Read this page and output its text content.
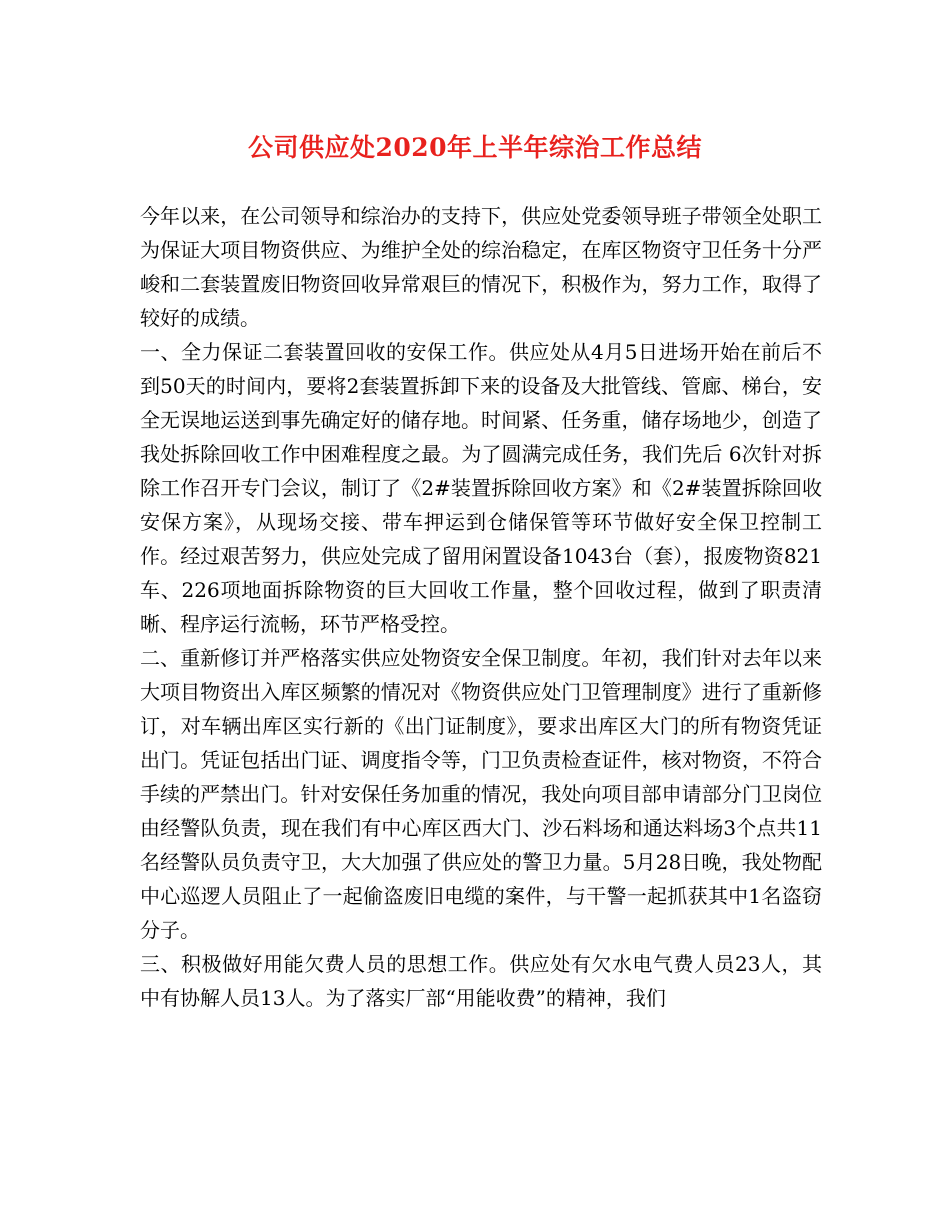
公司供应处2020年上半年综治工作总结

今年以来，在公司领导和综治办的支持下，供应处党委领导班子带领全处职工为保证大项目物资供应、为维护全处的综治稳定，在库区物资守卫任务十分严峻和二套装置废旧物资回收异常艰巨的情况下，积极作为，努力工作，取得了较好的成绩。

一、全力保证二套装置回收的安保工作。供应处从4月5日进场开始在前后不到50天的时间内，要将2套装置拆卸下来的设备及大批管线、管廊、梯台，安全无误地运送到事先确定好的储存地。时间紧、任务重，储存场地少，创造了我处拆除回收工作中困难程度之最。为了圆满完成任务，我们先后 6次针对拆除工作召开专门会议，制订了《2#装置拆除回收方案》和《2#装置拆除回收安保方案》，从现场交接、带车押运到仓储保管等环节做好安全保卫控制工作。经过艰苦努力，供应处完成了留用闲置设备1043台（套），报废物资821车、226项地面拆除物资的巨大回收工作量，整个回收过程，做到了职责清晰、程序运行流畅，环节严格受控。

二、重新修订并严格落实供应处物资安全保卫制度。年初，我们针对去年以来大项目物资出入库区频繁的情况对《物资供应处门卫管理制度》进行了重新修订，对车辆出库区实行新的《出门证制度》，要求出库区大门的所有物资凭证出门。凭证包括出门证、调度指令等，门卫负责检查证件，核对物资，不符合手续的严禁出门。针对安保任务加重的情况，我处向项目部申请部分门卫岗位由经警队负责，现在我们有中心库区西大门、沙石料场和通达料场3个点共11名经警队员负责守卫，大大加强了供应处的警卫力量。5月28日晚，我处物配中心巡逻人员阻止了一起偷盗废旧电缆的案件，与干警一起抓获其中1名盗窃分子。

三、积极做好用能欠费人员的思想工作。供应处有欠水电气费人员23人，其中有协解人员13人。为了落实厂部“用能收费”的精神，我们
